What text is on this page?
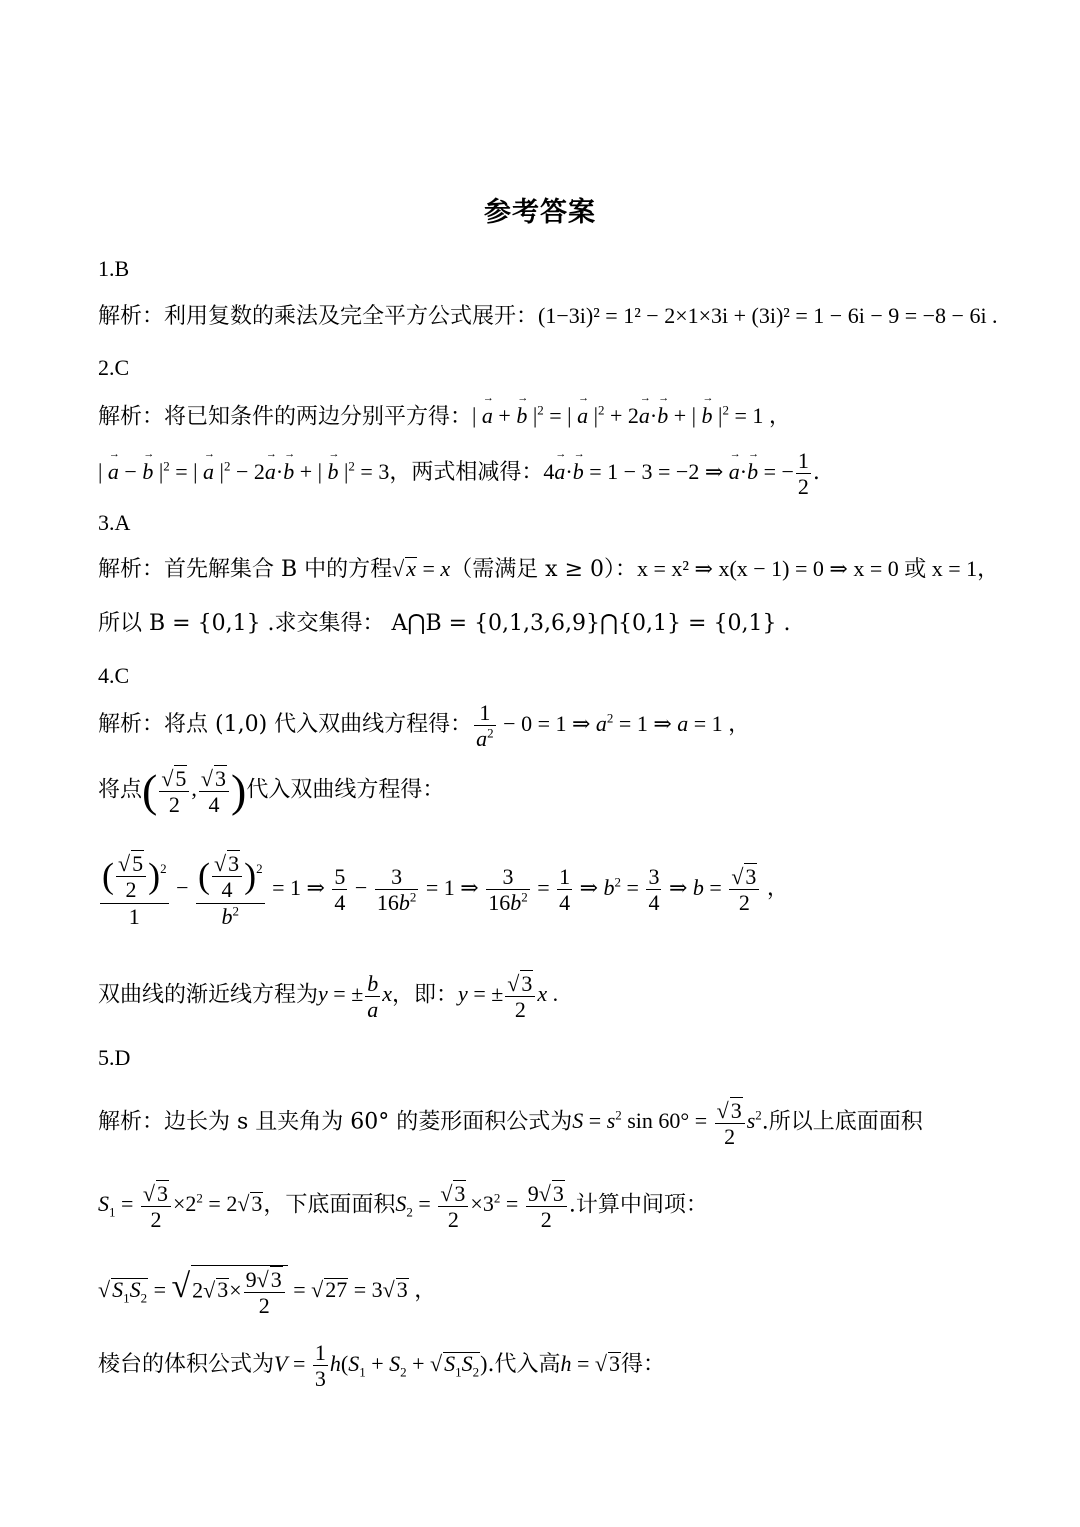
参考答案
1.B
解析：利用复数的乘法及完全平方公式展开：(1−3i)² = 1² − 2×1×3i + (3i)² = 1 − 6i − 9 = −8 − 6i .
2.C
解析：将已知条件的两边分别平方得：| → a + → b $|^2$ = | → a $|^2 + 2\to a\cdot\to b$ + | → b $|^2 = 1$ ，
| → a − → b $|^2$ = | → a $|^2 - 2\to a\cdot\to b$ + | → b $|^2 = 3$，两式相减得：4→ a·→ b = 1 − 3 = −2 ⇒ → a·→ b = − $\frac{1}{2}$ .
3.A
解析：首先解集合 B 中的方程√x = x（需满足 x ≥ 0）：x = x² ⇒ x(x − 1) = 0 ⇒ x = 0 或 x = 1，
所以 B = {0,1} .求交集得： A⋂B = {0,1,3,6,9}⋂{0,1} = {0,1} .
4.C
解析：将点 (1,0) 代入双曲线方程得： $\frac{1}{a^2} - 0 = 1$ ⇒ $a^2 = 1$ ⇒ a = 1 ，
将点( $\frac{√5}{2}$ , $\frac{√3}{4}$ )代入双曲线方程得：
$\frac{( \frac{√5}{2} )^2}{1} - \frac{( \frac{√3}{4} )^2}{b^2} = 1$ ⇒ $\frac{5}{4} - \frac{3}{16b^2} = 1$ ⇒ $\frac{3}{16b^2} = \frac{1}{4}$ ⇒ $b^2 = \frac{3}{4}$ ⇒ $b = \frac{√3}{2}$ ，
双曲线的渐近线方程为y = ± $\frac{b}{a}$ x，即：y = ± $\frac{√3}{2}$ x .
5.D
解析：边长为 s 且夹角为 60° 的菱形面积公式为$S = s^2$ $\sin 60^\circ = \frac{√3}{2} s^2$.所以上底面面积
$S_1 = \frac{√3}{2} \times 2^2 = 2√3$，下底面面积$S_2 = \frac{√3}{2} \times 3^2 = \frac{9√3}{2}$ .计算中间项：
$√S_1S_2 = √2√3\times \frac{9√3}{2} = √27 = 3√3$ ，
棱台的体积公式为$V = \frac{1}{3} h(S_1 + S_2 + √S_1S_2)$.代入高h = √3得：
